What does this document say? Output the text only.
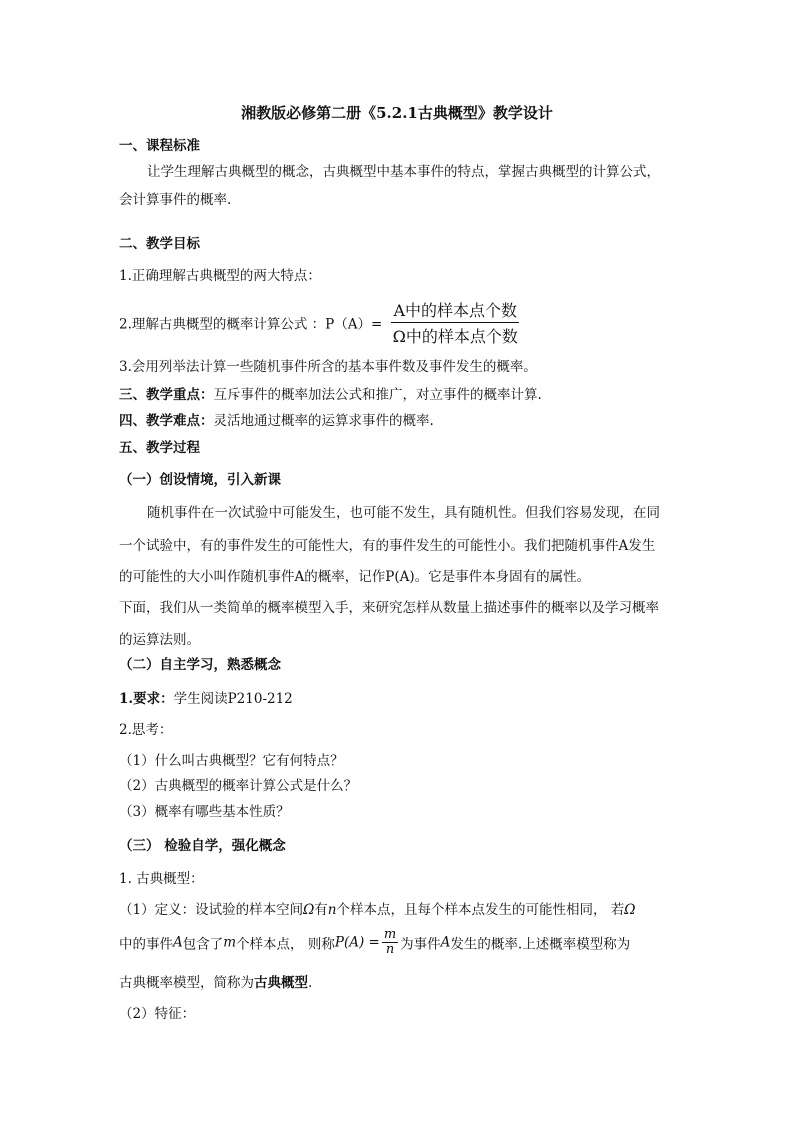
湘教版必修第二册《5.2.1古典概型》教学设计
一、课程标准
让学生理解古典概型的概念，古典概型中基本事件的特点，掌握古典概型的计算公式，
会计算事件的概率.
二、教学目标
1.正确理解古典概型的两大特点：
2.理解古典概型的概率计算公式 ：$P(A)= \frac{\text{A中的样本点个数}}{\text{Ω中的样本点个数}}$
3.会用列举法计算一些随机事件所含的基本事件数及事件发生的概率。
三、教学重点：互斥事件的概率加法公式和推广，对立事件的概率计算.
四、教学难点：灵活地通过概率的运算求事件的概率.
五、教学过程
（一）创设情境，引入新课
随机事件在一次试验中可能发生，也可能不发生，具有随机性。但我们容易发现，在同
一个试验中，有的事件发生的可能性大，有的事件发生的可能性小。我们把随机事件A发生
的可能性的大小叫作随机事件A的概率，记作P(A)。它是事件本身固有的属性。
下面，我们从一类简单的概率模型入手，来研究怎样从数量上描述事件的概率以及学习概率
的运算法则。
（二）自主学习，熟悉概念
1.要求：学生阅读P210-212
2.思考：
（1）什么叫古典概型？它有何特点？
（2）古典概型的概率计算公式是什么？
（3）概率有哪些基本性质？
（三） 检验自学，强化概念
1. 古典概型：
（1）定义：设试验的样本空间Ω有n个样本点，且每个样本点发生的可能性相同， 若Ω
中的事件A包含了m个样本点， 则称$P(A) = \frac{m}{n}$ 为事件A发生的概率.上述概率模型称为
古典概率模型，简称为古典概型.
（2）特征：
